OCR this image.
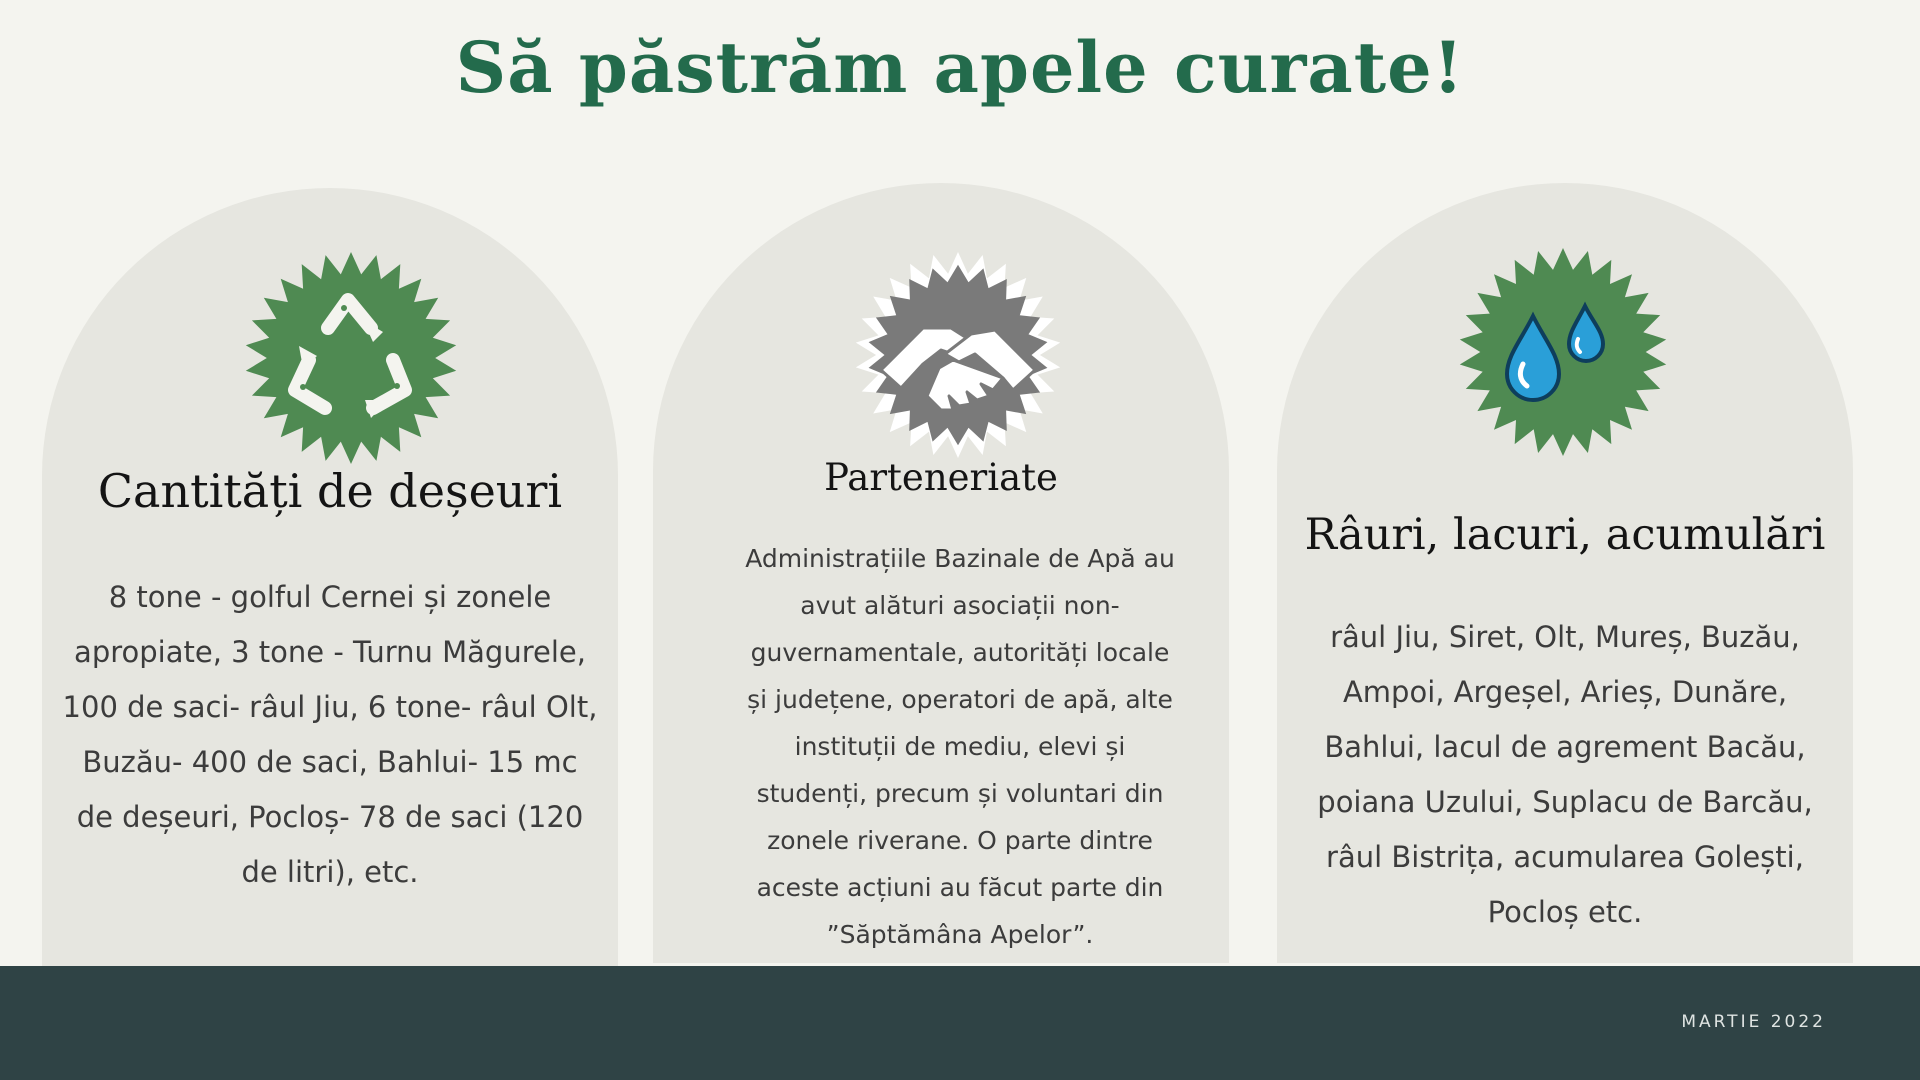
Să păstrăm apele curate!
Cantități de deșeuri
8 tone - golful Cernei și zonele apropiate, 3 tone - Turnu Măgurele, 100 de saci- râul Jiu, 6 tone- râul Olt, Buzău- 400 de saci, Bahlui- 15 mc de deșeuri, Pocloș- 78 de saci (120 de litri), etc.
Parteneriate
Administrațiile Bazinale de Apă au avut alături asociații non-guvernamentale, autorități locale și județene, operatori de apă, alte instituții de mediu, elevi și studenți, precum și voluntari din zonele riverane. O parte dintre aceste acțiuni au făcut parte din ”Săptămâna Apelor”.
Râuri, lacuri, acumulări
râul Jiu, Siret, Olt, Mureș, Buzău, Ampoi, Argeșel, Arieș, Dunăre, Bahlui, lacul de agrement Bacău, poiana Uzului, Suplacu de Barcău, râul Bistrița, acumularea Golești, Pocloș etc.
MARTIE 2022
